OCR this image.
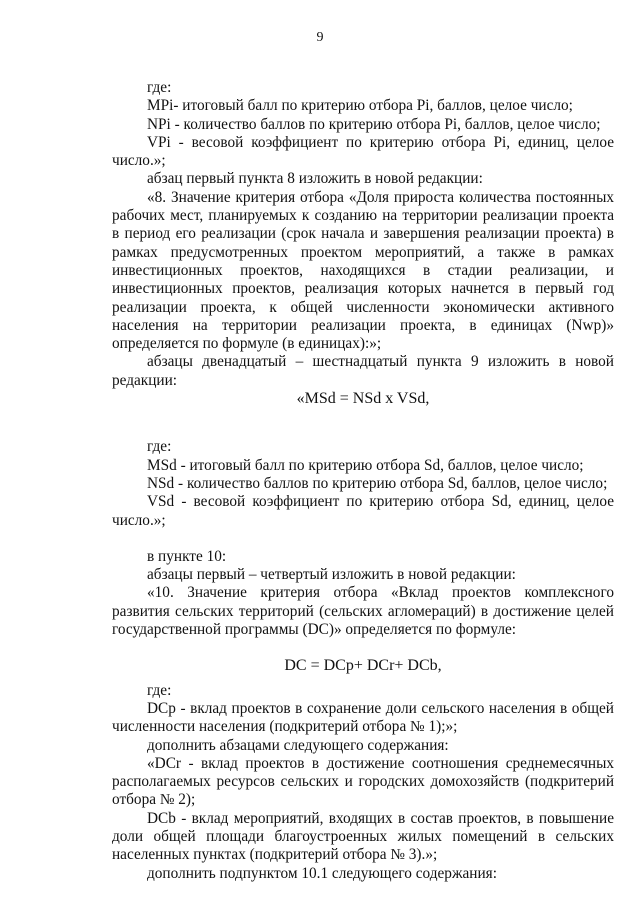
9

где:

MPi- итоговый балл по критерию отбора Pi, баллов, целое число;

NPi - количество баллов по критерию отбора Pi, баллов, целое число;

VPi - весовой коэффициент по критерию отбора Pi, единиц, целое число.»;

абзац первый пункта 8 изложить в новой редакции:

«8. Значение критерия отбора «Доля прироста количества постоянных рабочих мест, планируемых к созданию на территории реализации проекта в период его реализации (срок начала и завершения реализации проекта) в рамках предусмотренных проектом мероприятий, а также в рамках инвестиционных проектов, находящихся в стадии реализации, и инвестиционных проектов, реализация которых начнется в первый год реализации проекта, к общей численности экономически активного населения на территории реализации проекта, в единицах (Nwp)» определяется по формуле (в единицах):»;

абзацы двенадцатый – шестнадцатый пункта 9 изложить в новой редакции:

«MSd = NSd x VSd,

где:

MSd - итоговый балл по критерию отбора Sd, баллов, целое число;

NSd - количество баллов по критерию отбора Sd, баллов, целое число;

VSd - весовой коэффициент по критерию отбора Sd, единиц, целое число.»;

в пункте 10:

абзацы первый – четвертый изложить в новой редакции:

«10. Значение критерия отбора «Вклад проектов комплексного развития сельских территорий (сельских агломераций) в достижение целей государственной программы (DC)» определяется по формуле:

DC = DCp+ DCr+ DCb,

где:

DCp - вклад проектов в сохранение доли сельского населения в общей численности населения (подкритерий отбора № 1);»;

дополнить абзацами следующего содержания:

«DCr - вклад проектов в достижение соотношения среднемесячных располагаемых ресурсов сельских и городских домохозяйств (подкритерий отбора № 2);

DCb - вклад мероприятий, входящих в состав проектов, в повышение доли общей площади благоустроенных жилых помещений в сельских населенных пунктах (подкритерий отбора № 3).»;

дополнить подпунктом 10.1 следующего содержания:
